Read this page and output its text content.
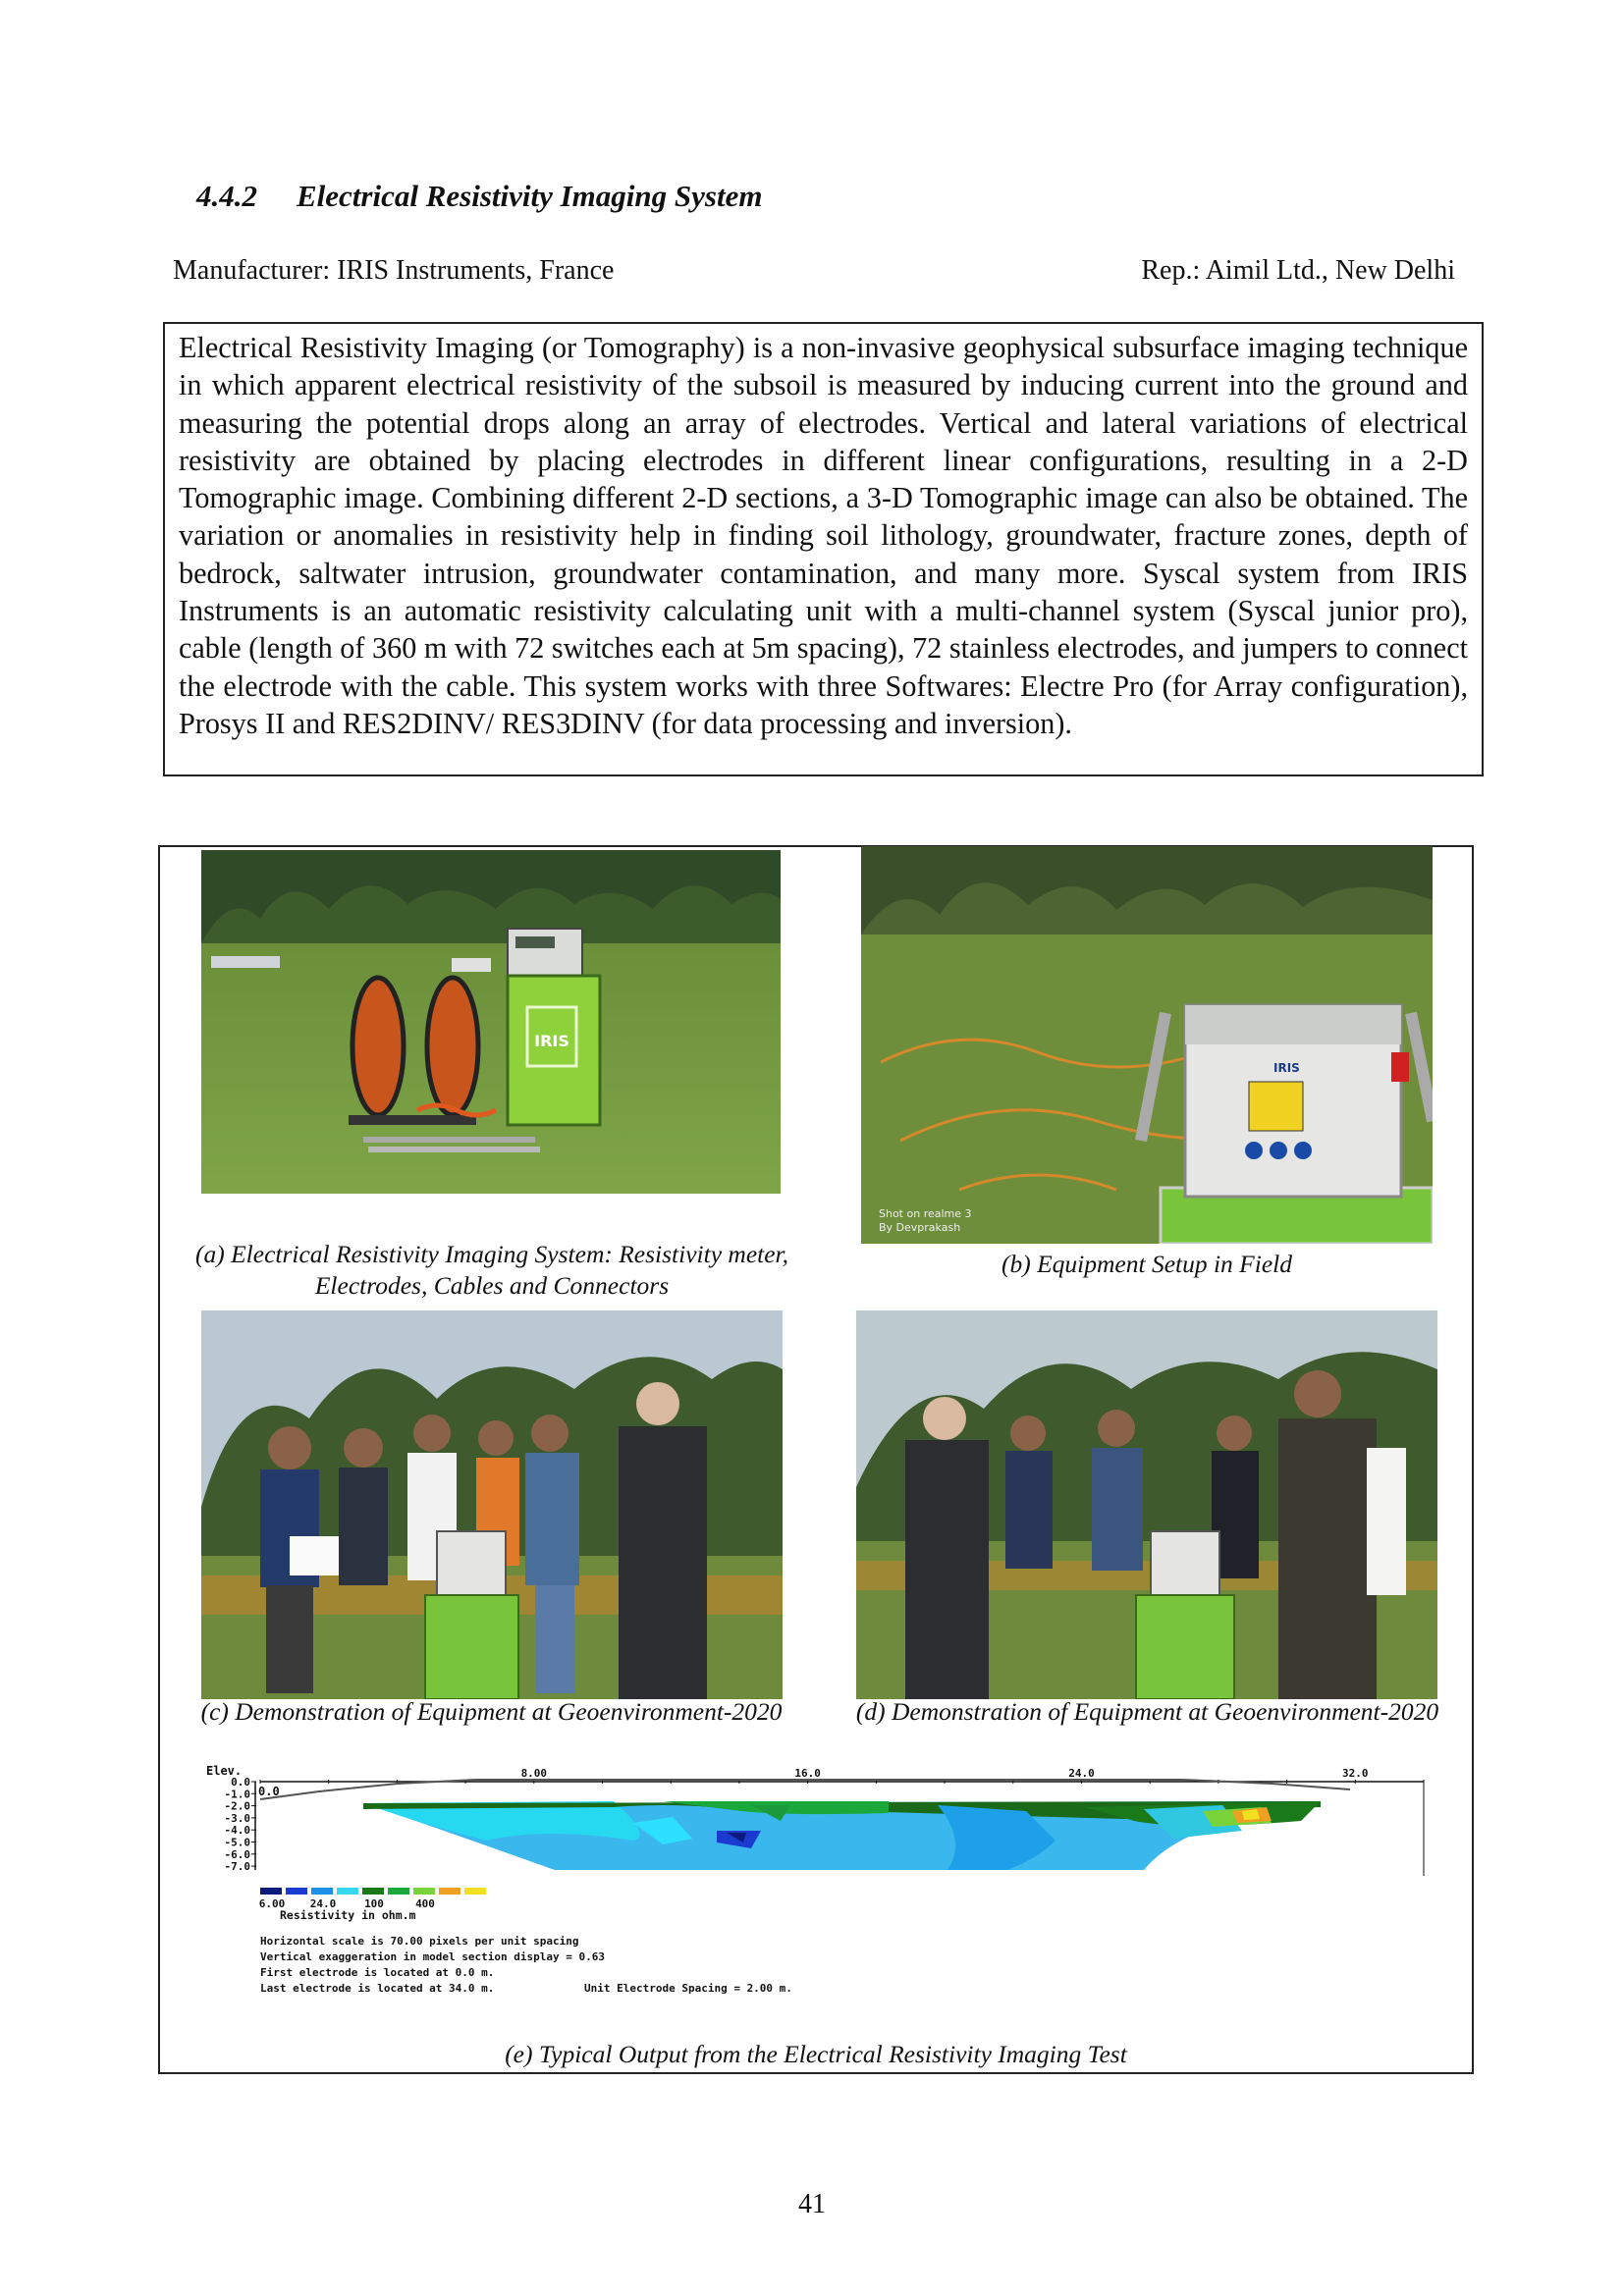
4.4.2 Electrical Resistivity Imaging System
Manufacturer: IRIS Instruments, France	Rep.: Aimil Ltd., New Delhi
Electrical Resistivity Imaging (or Tomography) is a non-invasive geophysical subsurface imaging technique in which apparent electrical resistivity of the subsoil is measured by inducing current into the ground and measuring the potential drops along an array of electrodes. Vertical and lateral variations of electrical resistivity are obtained by placing electrodes in different linear configurations, resulting in a 2-D Tomographic image. Combining different 2-D sections, a 3-D Tomographic image can also be obtained. The variation or anomalies in resistivity help in finding soil lithology, groundwater, fracture zones, depth of bedrock, saltwater intrusion, groundwater contamination, and many more. Syscal system from IRIS Instruments is an automatic resistivity calculating unit with a multi-channel system (Syscal junior pro), cable (length of 360 m with 72 switches each at 5m spacing), 72 stainless electrodes, and jumpers to connect the electrode with the cable. This system works with three Softwares: Electre Pro (for Array configuration), Prosys II and RES2DINV/ RES3DINV (for data processing and inversion).
IRIS
IRIS
Shot on realme 3
By Devprakash
(a) Electrical Resistivity Imaging System: Resistivity meter,
Electrodes, Cables and Connectors
(b) Equipment Setup in Field
(c) Demonstration of Equipment at Geoenvironment-2020	(d) Demonstration of Equipment at Geoenvironment-2020
Elev.
0.0
-1.0
-2.0
-3.0
-4.0
-5.0
-6.0
-7.0
8.00	16.0	24.0	32.0
0.0
6.00 24.0	100	400
Resistivity in ohm.m
Horizontal scale is 70.00 pixels per unit spacing
Vertical exaggeration in model section display = 0.63
First electrode is located at 0.0 m.
Last electrode is located at 34.0 m.	Unit Electrode Spacing = 2.00 m.
(e) Typical Output from the Electrical Resistivity Imaging Test
41
